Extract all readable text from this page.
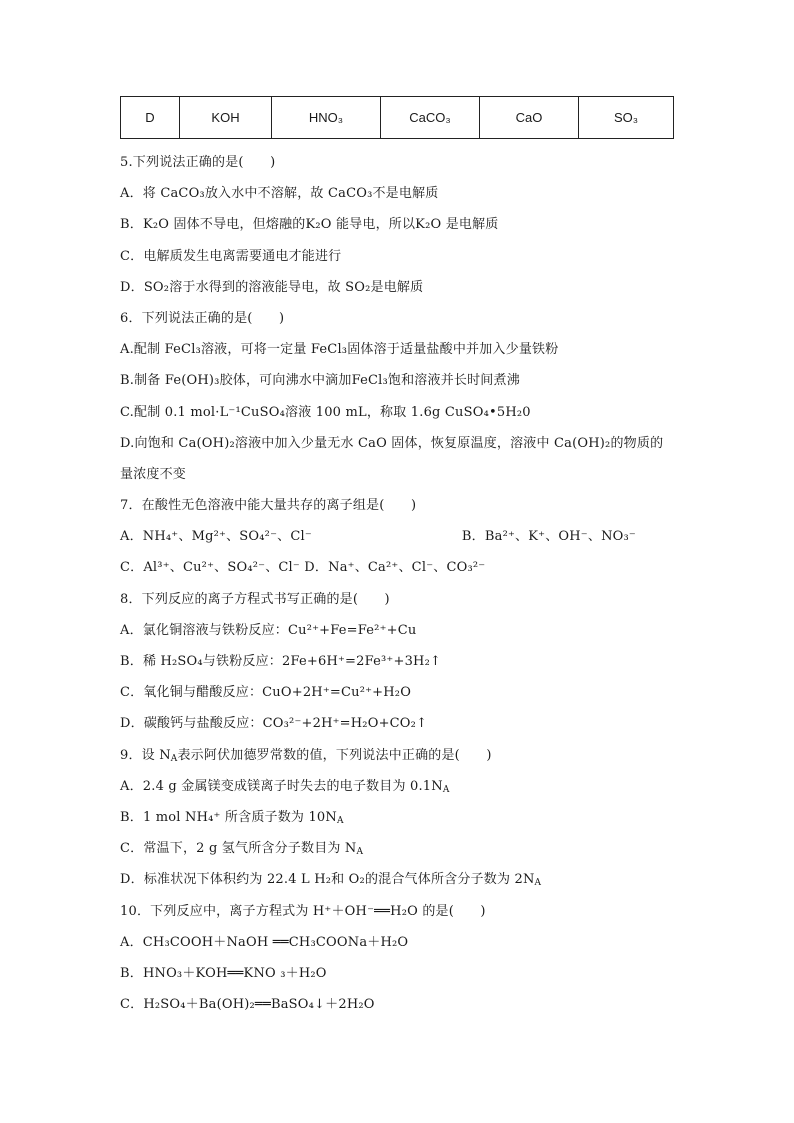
D	KOH	HNO₃	CaCO₃	CaO	SO₃
5.下列说法正确的是(　　)
A．将 CaCO₃放入水中不溶解，故 CaCO₃不是电解质
B．K₂O 固体不导电，但熔融的K₂O 能导电，所以K₂O 是电解质
C．电解质发生电离需要通电才能进行
D．SO₂溶于水得到的溶液能导电，故 SO₂是电解质
6．下列说法正确的是(　　)
A.配制 FeCl₃溶液，可将一定量 FeCl₃固体溶于适量盐酸中并加入少量铁粉
B.制备 Fe(OH)₃胶体，可向沸水中滴加FeCl₃饱和溶液并长时间煮沸
C.配制 0.1 mol·L⁻¹CuSO₄溶液 100 mL，称取 1.6g CuSO₄•5H₂0
D.向饱和 Ca(OH)₂溶液中加入少量无水 CaO 固体，恢复原温度，溶液中 Ca(OH)₂的物质的
量浓度不变
7．在酸性无色溶液中能大量共存的离子组是(　　)
A．NH₄⁺、Mg²⁺、SO₄²⁻、Cl⁻	B．Ba²⁺、K⁺、OH⁻、NO₃⁻
C．Al³⁺、Cu²⁺、SO₄²⁻、Cl⁻ D．Na⁺、Ca²⁺、Cl⁻、CO₃²⁻
8．下列反应的离子方程式书写正确的是(　　)
A．氯化铜溶液与铁粉反应：Cu²⁺+Fe=Fe²⁺+Cu
B．稀 H₂SO₄与铁粉反应：2Fe+6H⁺=2Fe³⁺+3H₂↑
C．氧化铜与醋酸反应：CuO+2H⁺=Cu²⁺+H₂O
D．碳酸钙与盐酸反应：CO₃²⁻+2H⁺=H₂O+CO₂↑
9．设 $N_A$表示阿伏加德罗常数的值，下列说法中正确的是(　　)
A．2.4 g 金属镁变成镁离子时失去的电子数目为 $0.1N_A$
B．1 mol NH₄⁺ 所含质子数为 $10N_A$
C．常温下，2 g 氢气所含分子数目为 $N_A$
D．标准状况下体积约为 22.4 L H₂和 O₂的混合气体所含分子数为 $2N_A$
10．下列反应中，离子方程式为 H⁺＋OH⁻══H₂O 的是(　　)
A．CH₃COOH＋NaOH ══CH₃COONa＋H₂O
B．HNO₃＋KOH══KNO ₃＋H₂O
C．H₂SO₄＋Ba(OH)₂══BaSO₄↓＋2H₂O
